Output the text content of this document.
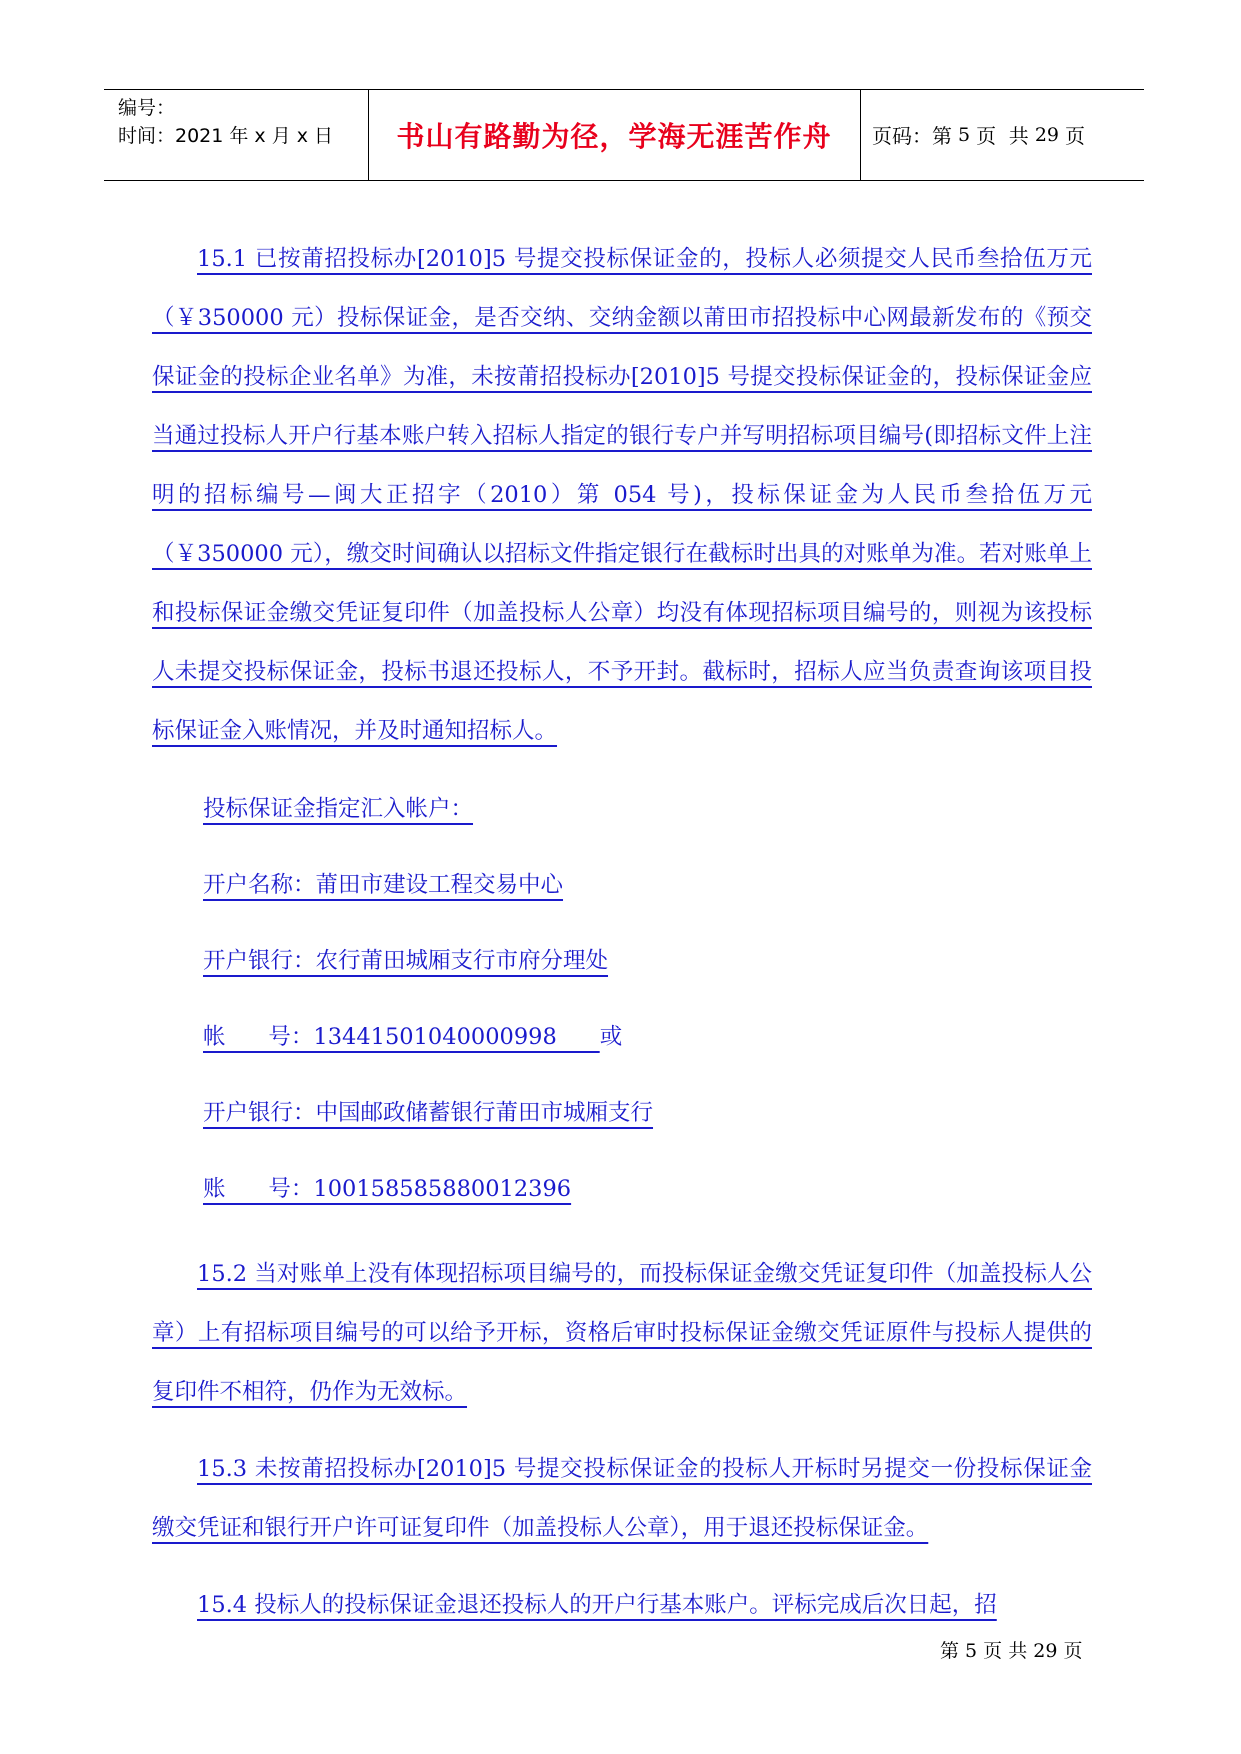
编号：
时间：2021 年 x 月 x 日	书山有路勤为径，学海无涯苦作舟	页码：第 5 页  共 29 页

15.1 已按莆招投标办[2010]5 号提交投标保证金的，投标人必须提交人民币叁拾伍万元（￥350000 元）投标保证金，是否交纳、交纳金额以莆田市招投标中心网最新发布的《预交保证金的投标企业名单》为准，未按莆招投标办[2010]5 号提交投标保证金的，投标保证金应当通过投标人开户行基本账户转入招标人指定的银行专户并写明招标项目编号(即招标文件上注明的招标编号—闽大正招字（2010）第 054 号)，投标保证金为人民币叁拾伍万元（￥350000 元），缴交时间确认以招标文件指定银行在截标时出具的对账单为准。若对账单上和投标保证金缴交凭证复印件（加盖投标人公章）均没有体现招标项目编号的，则视为该投标人未提交投标保证金，投标书退还投标人，不予开封。截标时，招标人应当负责查询该项目投标保证金入账情况，并及时通知招标人。

投标保证金指定汇入帐户：

开户名称：莆田市建设工程交易中心

开户银行：农行莆田城厢支行市府分理处

帐      号：13441501040000998      或

开户银行：中国邮政储蓄银行莆田市城厢支行

账      号：100158585880012396

15.2 当对账单上没有体现招标项目编号的，而投标保证金缴交凭证复印件（加盖投标人公章）上有招标项目编号的可以给予开标，资格后审时投标保证金缴交凭证原件与投标人提供的复印件不相符，仍作为无效标。

15.3 未按莆招投标办[2010]5 号提交投标保证金的投标人开标时另提交一份投标保证金缴交凭证和银行开户许可证复印件（加盖投标人公章），用于退还投标保证金。

15.4 投标人的投标保证金退还投标人的开户行基本账户。评标完成后次日起，招

第 5 页 共 29 页
